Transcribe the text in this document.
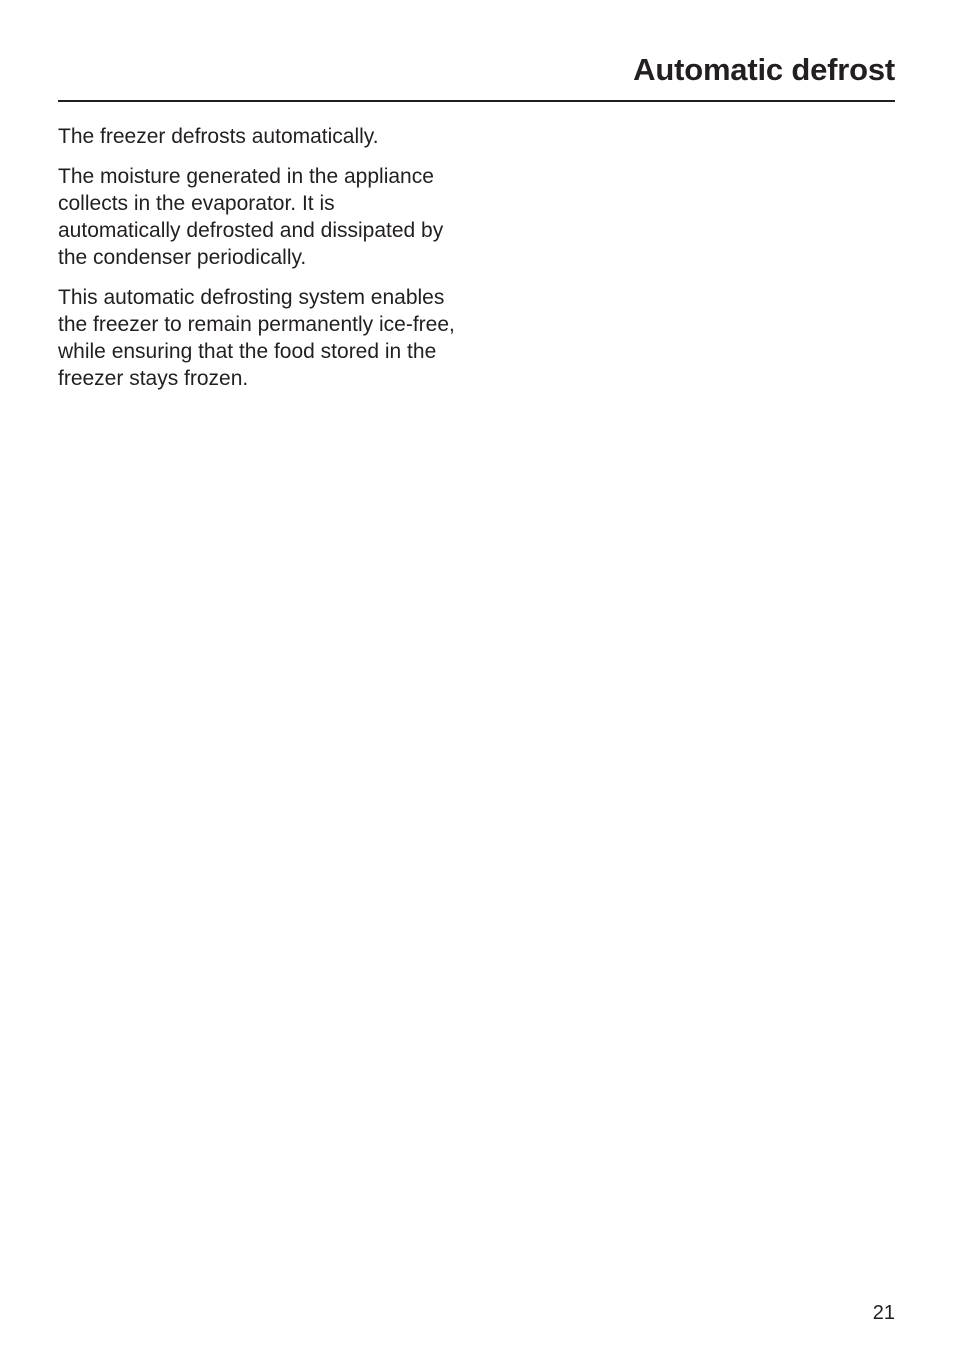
Automatic defrost

The freezer defrosts automatically.

The moisture generated in the appliance collects in the evaporator. It is automatically defrosted and dissipated by the condenser periodically.

This automatic defrosting system enables the freezer to remain permanently ice-free, while ensuring that the food stored in the freezer stays frozen.

21
